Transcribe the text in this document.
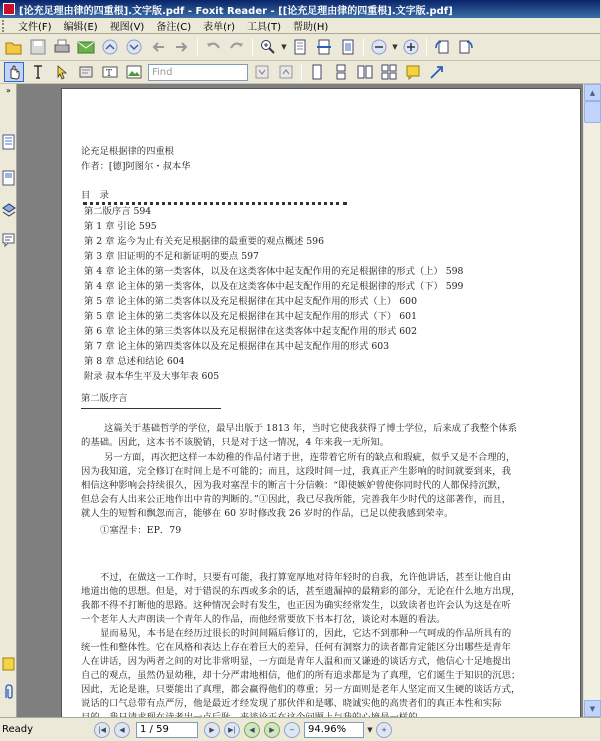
[论充足理由律的四重根].文字版.pdf - Foxit Reader - [[论充足理由律的四重根].文字版.pdf]
文件(F)	编辑(E)	视图(V)	备注(C)	表单(r)	工具(T)	帮助(H)
▼	▼
T	Find
»
论充足根据律的四重根
作者：[德]阿图尔・叔本华
目　录
第二版序言 594
第 1 章 引论 595
第 2 章 迄今为止有关充足根据律的最重要的观点概述 596
第 3 章 旧证明的不足和新证明的要点 597
第 4 章 论主体的第一类客体，以及在这类客体中起支配作用的充足根据律的形式（上） 598
第 4 章 论主体的第一类客体，以及在这类客体中起支配作用的充足根据律的形式（下） 599
第 5 章 论主体的第二类客体以及充足根据律在其中起支配作用的形式（上） 600
第 5 章 论主体的第二类客体以及充足根据律在其中起支配作用的形式（下） 601
第 6 章 论主体的第三类客体以及充足根据律在这类客体中起支配作用的形式 602
第 7 章 论主体的第四类客体以及充足根据律在其中起支配作用的形式 603
第 8 章 总述和结论 604
附录 叔本华生平及大事年表 605
第二版序言
这篇关于基础哲学的学位，最早出版于 1813 年，当时它使我获得了博士学位，后来成了我整个体系
的基础。因此，这本书不该脱销，只是对于这一情况，4 年来我一无所知。
另一方面，再次把这样一本幼稚的作品付诸于世，连带着它所有的缺点和瑕疵，似乎又是不合理的，
因为我知道，完全修订在时间上是不可能的；而且，这段时间一过，我真正产生影响的时间就要到来，我
相信这种影响会持续很久，因为我对塞涅卡的断言十分信赖：“即使嫉妒曾使你同时代的人都保持沉默，
但总会有人出来公正地作出中肯的判断的。”①因此，我已尽我所能，完善我年少时代的这部著作，而且，
就人生的短暂和飘忽而言，能够在 60 岁时修改我 26 岁时的作品，已足以使我感到荣幸。
①塞涅卡：EP．79
不过，在做这一工作时，只要有可能，我打算宽厚地对待年轻时的自我，允许他讲话，甚至让他自由
地道出他的思想。但是，对于错误的东西或多余的话，甚至遗漏掉的最精彩的部分，无论在什么地方出现，
我都不得不打断他的思路。这种情况会时有发生，也正因为确实经常发生，以致读者也许会认为这是在听
一个老年人大声朗读一个青年人的作品，而他经常要放下书本打岔，谈论对本题的看法。
显而易见，本书是在经历过很长的时间间隔后修订的，因此，它达不到那种一气呵成的作品所具有的
统一性和整体性。它在风格和表达上存在着巨大的差异，任何有洞察力的读者都肯定能区分出哪些是青年
人在讲话，因为两者之间的对比非常明显，一方面是青年人温和而又谦逊的谈话方式，他信心十足地提出
自己的观点，虽然仍显幼稚，却十分严肃地相信，他们的所有追求都是为了真理，它们诞生于知识的沉思；
因此，无论是谁，只要能出了真理，都会赢得他们的尊重；另一方面则是老年人坚定而又生硬的谈话方式，
说话的口气总带有点严厉，他是最近才经发现了那伙伴和是哪、晓诚实他的高贵者们的真正本性和实际
▲
▼
Ready	|◀	◀	1 / 59	▶	▶|	◀	▶	−	94.96%	▼	+
